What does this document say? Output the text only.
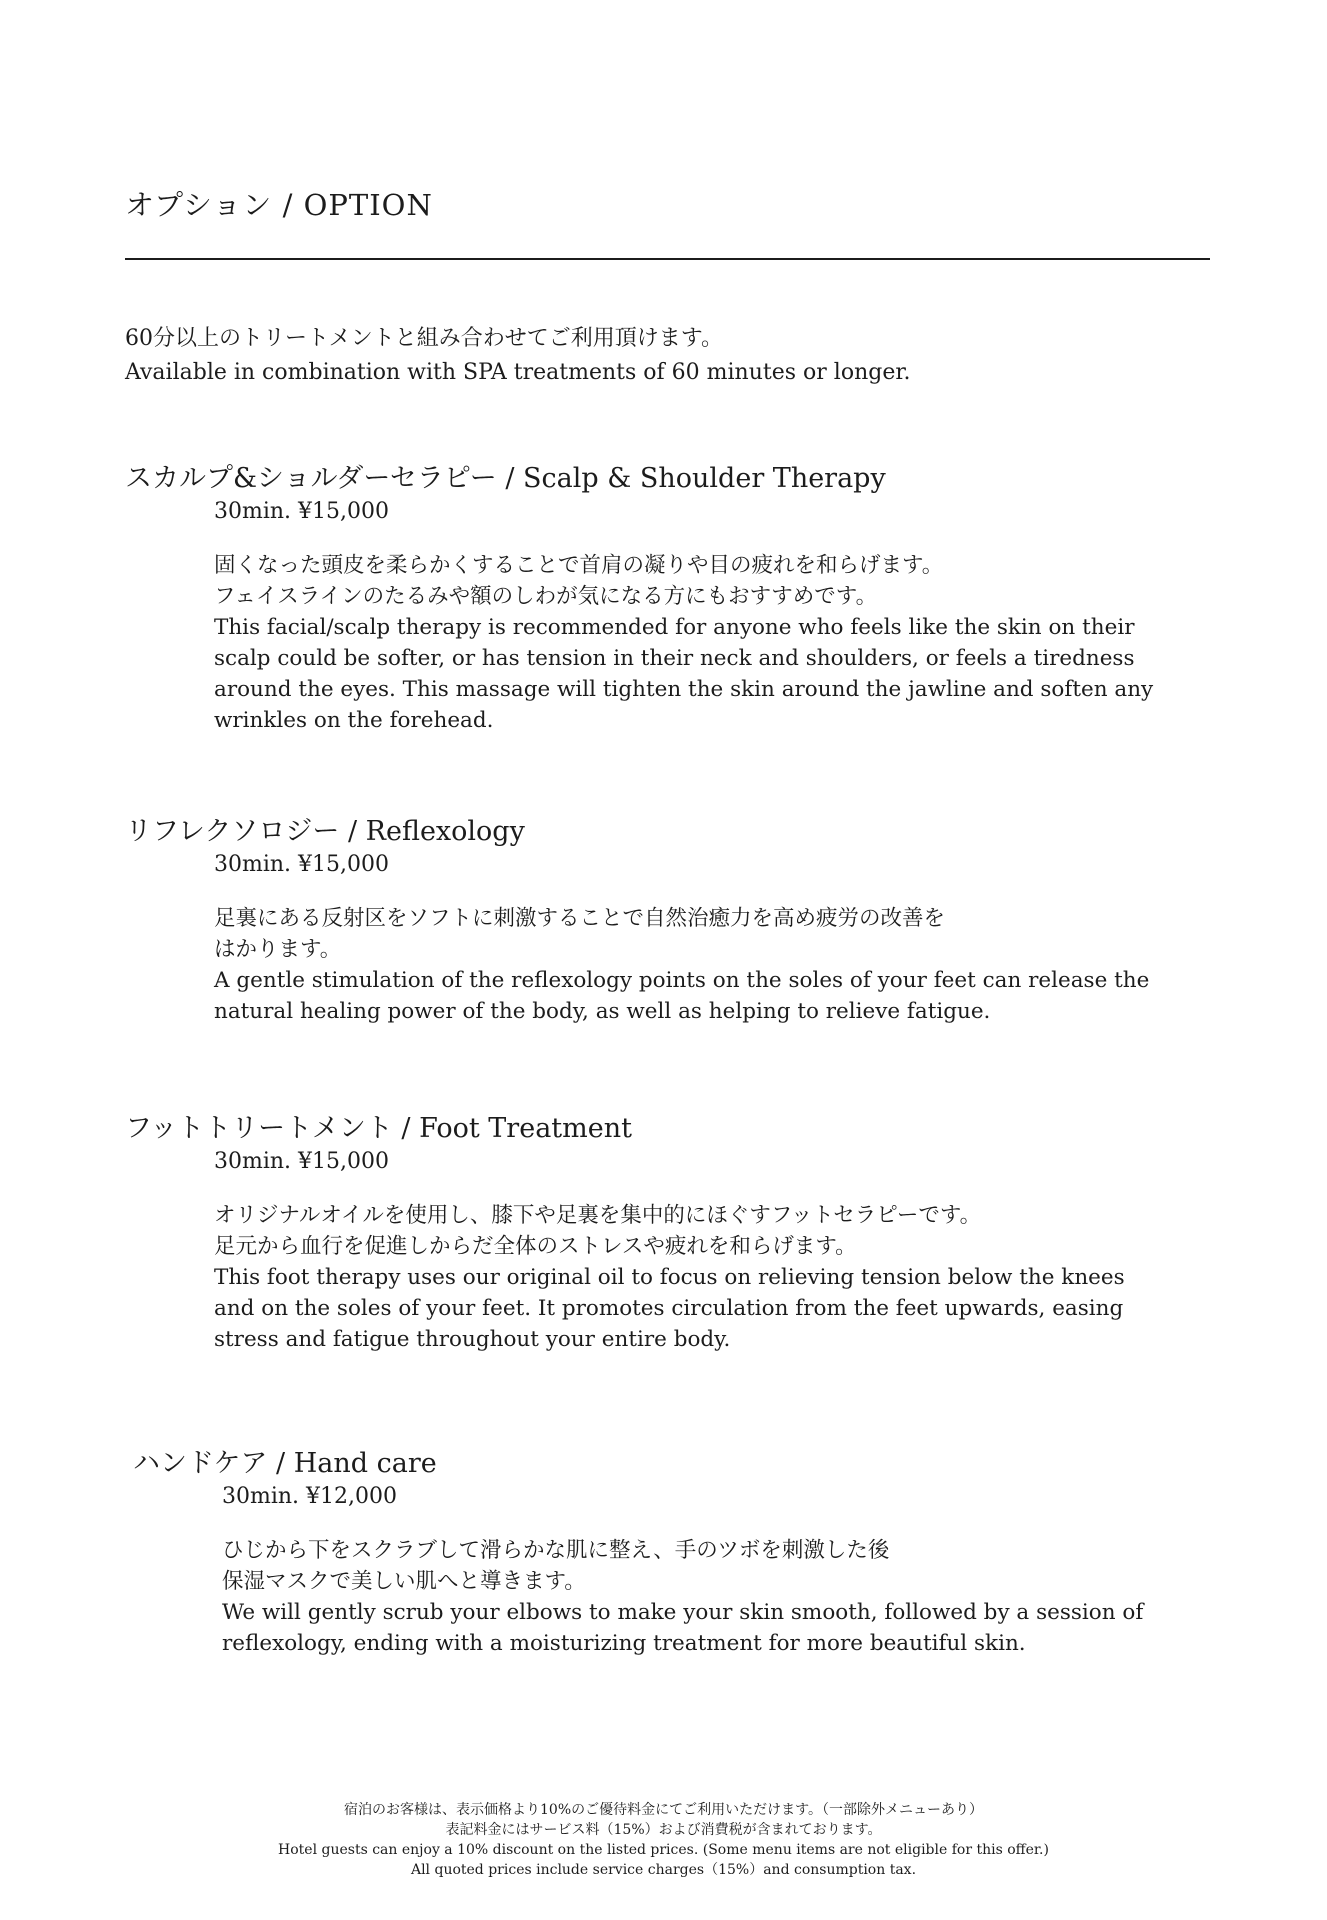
オプション / OPTION
60分以上のトリートメントと組み合わせてご利用頂けます。
Available in combination with SPA treatments of 60 minutes or longer.
スカルプ&ショルダーセラピー / Scalp & Shoulder Therapy
30min. ¥15,000
固くなった頭皮を柔らかくすることで首肩の凝りや目の疲れを和らげます。
フェイスラインのたるみや額のしわが気になる方にもおすすめです。
This facial/scalp therapy is recommended for anyone who feels like the skin on their
scalp could be softer, or has tension in their neck and shoulders, or feels a tiredness
around the eyes. This massage will tighten the skin around the jawline and soften any
wrinkles on the forehead.
リフレクソロジー / Reflexology
30min. ¥15,000
足裏にある反射区をソフトに刺激することで自然治癒力を高め疲労の改善を
はかります。
A gentle stimulation of the reflexology points on the soles of your feet can release the
natural healing power of the body, as well as helping to relieve fatigue.
フットトリートメント / Foot Treatment
30min. ¥15,000
オリジナルオイルを使用し、膝下や足裏を集中的にほぐすフットセラピーです。
足元から血行を促進しからだ全体のストレスや疲れを和らげます。
This foot therapy uses our original oil to focus on relieving tension below the knees
and on the soles of your feet. It promotes circulation from the feet upwards, easing
stress and fatigue throughout your entire body.
ハンドケア / Hand care
30min. ¥12,000
ひじから下をスクラブして滑らかな肌に整え、手のツボを刺激した後
保湿マスクで美しい肌へと導きます。
We will gently scrub your elbows to make your skin smooth, followed by a session of
reflexology, ending with a moisturizing treatment for more beautiful skin.
宿泊のお客様は、表示価格より10%のご優待料金にてご利用いただけます。（一部除外メニューあり）
表記料金にはサービス料（15%）および消費税が含まれております。
Hotel guests can enjoy a 10% discount on the listed prices. (Some menu items are not eligible for this offer.)
All quoted prices include service charges（15%）and consumption tax.
